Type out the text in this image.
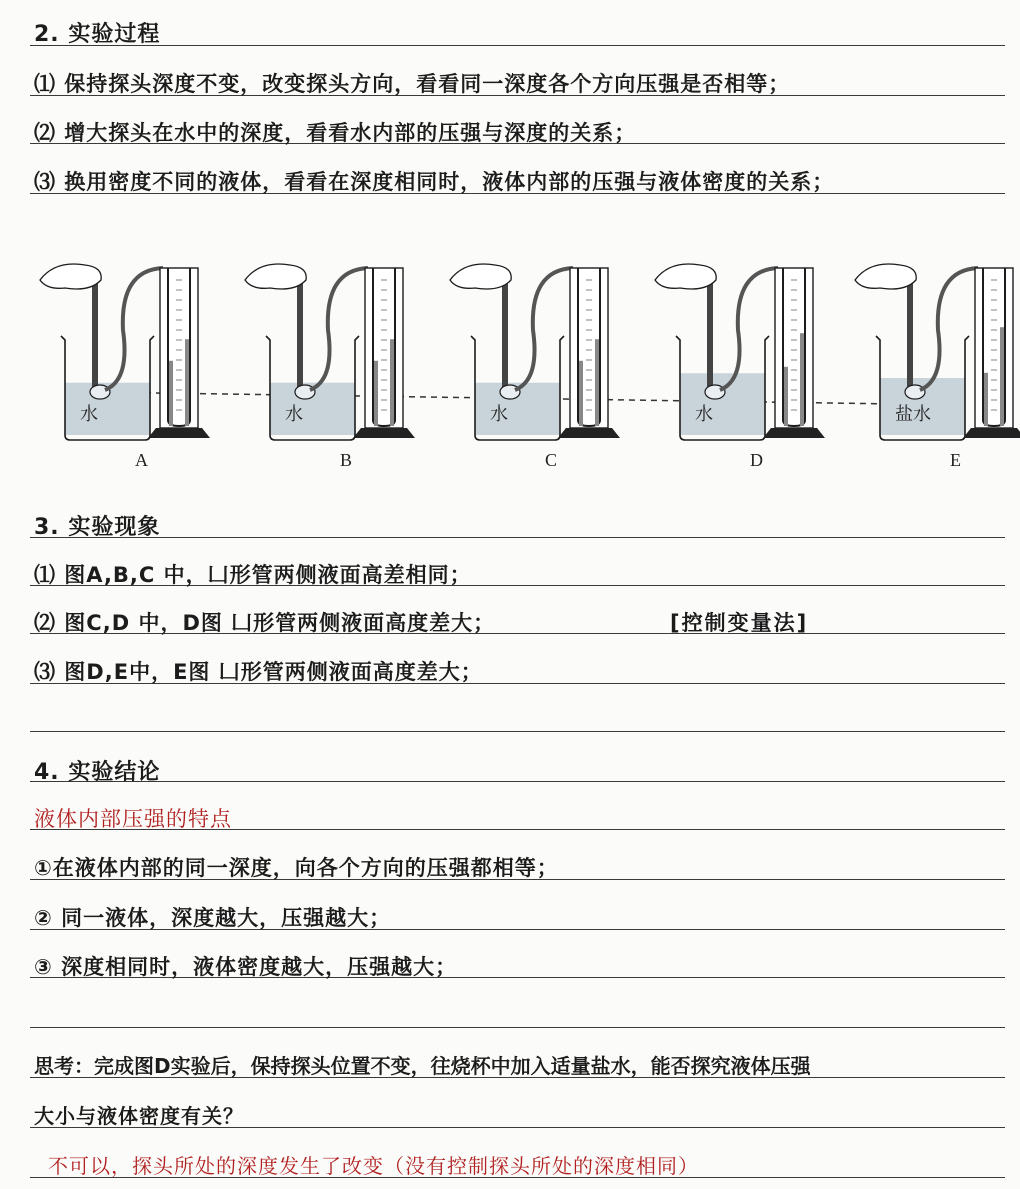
2. 实验过程
⑴ 保持探头深度不变，改变探头方向，看看同一深度各个方向压强是否相等；
⑵ 增大探头在水中的深度，看看水内部的压强与深度的关系；
⑶ 换用密度不同的液体，看看在深度相同时，液体内部的压强与液体密度的关系；
水
A
水
B
水
C
水
D
盐水
E
3. 实验现象
⑴ 图A,B,C 中，凵形管两侧液面高差相同；
⑵ 图C,D 中，D图 凵形管两侧液面高度差大；	[控制变量法]
⑶ 图D,E中，E图 凵形管两侧液面高度差大；
4. 实验结论
液体内部压强的特点
①在液体内部的同一深度，向各个方向的压强都相等；
② 同一液体，深度越大，压强越大；
③ 深度相同时，液体密度越大，压强越大；
思考：完成图D实验后，保持探头位置不变，往烧杯中加入适量盐水，能否探究液体压强
大小与液体密度有关？
不可以，探头所处的深度发生了改变（没有控制探头所处的深度相同）
